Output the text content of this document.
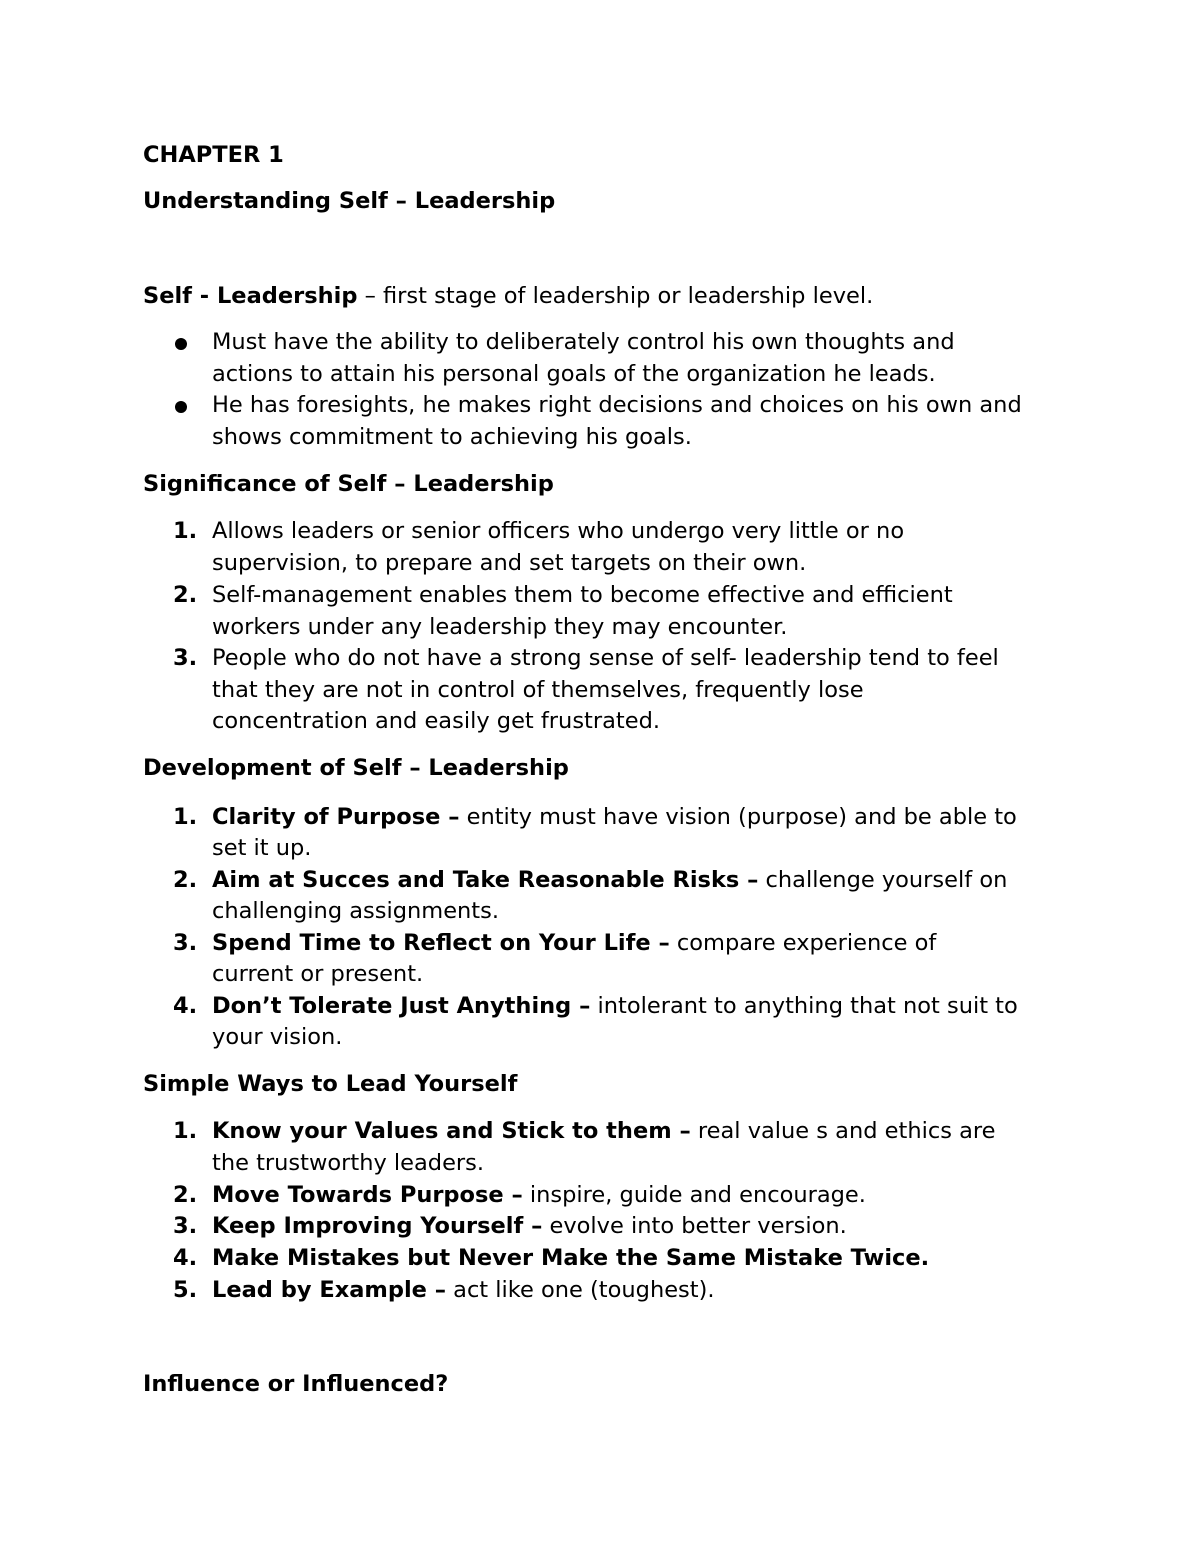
CHAPTER 1
Understanding Self – Leadership
Self - Leadership – first stage of leadership or leadership level.
Must have the ability to deliberately control his own thoughts and
actions to attain his personal goals of the organization he leads.
He has foresights, he makes right decisions and choices on his own and
shows commitment to achieving his goals.
Significance of Self – Leadership
1. Allows leaders or senior officers who undergo very little or no
supervision, to prepare and set targets on their own.
2. Self-management enables them to become effective and efficient
workers under any leadership they may encounter.
3. People who do not have a strong sense of self- leadership tend to feel
that they are not in control of themselves, frequently lose
concentration and easily get frustrated.
Development of Self – Leadership
1. Clarity of Purpose – entity must have vision (purpose) and be able to
set it up.
2. Aim at Succes and Take Reasonable Risks – challenge yourself on
challenging assignments.
3. Spend Time to Reflect on Your Life – compare experience of
current or present.
4. Don’t Tolerate Just Anything – intolerant to anything that not suit to
your vision.
Simple Ways to Lead Yourself
1. Know your Values and Stick to them – real value s and ethics are
the trustworthy leaders.
2. Move Towards Purpose – inspire, guide and encourage.
3. Keep Improving Yourself – evolve into better version.
4. Make Mistakes but Never Make the Same Mistake Twice.
5. Lead by Example – act like one (toughest).
Influence or Influenced?
